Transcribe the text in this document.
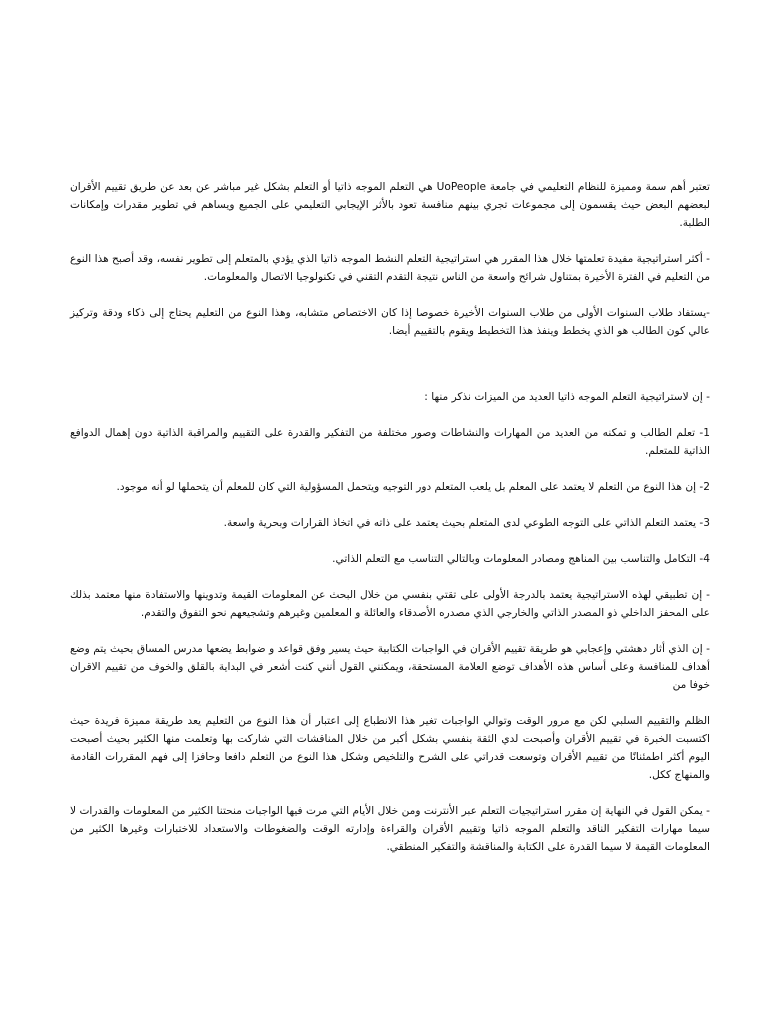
تعتبر أهم سمة ومميزة للنظام التعليمي في جامعة UoPeople هي التعلم الموجه ذاتيا أو التعلم بشكل غير مباشر عن بعد عن طريق تقييم الأقران لبعضهم البعض حيث يقسمون إلى مجموعات تجري بينهم منافسة تعود بالأثر الإيجابي التعليمي على الجميع ويساهم في تطوير مقدرات وإمكانات الطلبة.

- أكثر استراتيجية مفيدة تعلمتها خلال هذا المقرر هي استراتيجية التعلم النشط الموجه ذاتيا الذي يؤدي بالمتعلم إلى تطوير نفسه، وقد أصبح هذا النوع من التعليم في الفترة الأخيرة بمتناول شرائح واسعة من الناس نتيجة التقدم التقني في تكنولوجيا الاتصال والمعلومات.

-يستفاد طلاب السنوات الأولى من طلاب السنوات الأخيرة خصوصا إذا كان الاختصاص متشابه، وهذا النوع من التعليم يحتاج إلى ذكاء ودقة وتركيز عالي كون الطالب هو الذي يخطط وينفذ هذا التخطيط ويقوم بالتقييم أيضا.

- إن لاستراتيجية التعلم الموجه ذاتيا العديد من الميزات نذكر منها :

1- تعلم الطالب و تمكنه من العديد من المهارات والنشاطات وصور مختلفة من التفكير والقدرة على التقييم والمراقبة الذاتية دون إهمال الدوافع الذاتية للمتعلم.

2- إن هذا النوع من التعلم لا يعتمد على المعلم بل يلعب المتعلم دور التوجيه ويتحمل المسؤولية التي كان للمعلم أن يتحملها لو أنه موجود.

3- يعتمد التعلم الذاتي على التوجه الطوعي لدى المتعلم بحيث يعتمد على ذاته في اتخاذ القرارات وبحرية واسعة.

4- التكامل والتناسب بين المناهج ومصادر المعلومات وبالتالي التناسب مع التعلم الذاتي.

- إن تطبيقي لهذه الاستراتيجية يعتمد بالدرجة الأولى على تقتي بنفسي من خلال البحث عن المعلومات القيمة وتدوينها والاستفادة منها معتمد بذلك على المحفز الداخلي ذو المصدر الذاتي والخارجي الذي مصدره الأصدقاء والعائلة و المعلمين وغيرهم وتشجيعهم نحو التفوق والتقدم.

- إن الذي أثار دهشتي وإعجابي هو طريقة تقييم الأقران في الواجبات الكتابية حيث يسير وفق قواعد و ضوابط يضعها مدرس المساق بحيث يتم وضع أهداف للمنافسة وعلى أساس هذه الأهداف توضع العلامة المستحقة، ويمكنني القول أنني كنت أشعر في البداية بالقلق والخوف من تقييم الاقران خوفا من

الظلم والتقييم السلبي لكن مع مرور الوقت وتوالي الواجبات تغير هذا الانطباع إلى اعتبار أن هذا النوع من التعليم يعد طريقة مميزة فريدة حيث اكتسبت الخبرة في تقييم الأقران وأصبحت لدي الثقة بنفسي بشكل أكبر من خلال المناقشات التي شاركت بها وتعلمت منها الكثير بحيث أصبحت اليوم أكثر اطمئنانًا من تقييم الأقران وتوسعت قدراتي على الشرح والتلخيص وشكل هذا النوع من التعلم دافعا وحافزا إلى فهم المقررات القادمة والمنهاج ككل.

- يمكن القول في النهاية إن مقرر استراتيجيات التعلم عبر الأنترنت ومن خلال الأيام التي مرت فيها الواجبات منحتنا الكثير من المعلومات والقدرات لا سيما مهارات التفكير الناقد والتعلم الموجه ذاتيا وتقييم الأقران والقراءة وإدارته الوقت والضغوطات والاستعداد للاختبارات وغيرها الكثير من المعلومات القيمة لا سيما القدرة على الكتابة والمناقشة والتفكير المنطقي.
